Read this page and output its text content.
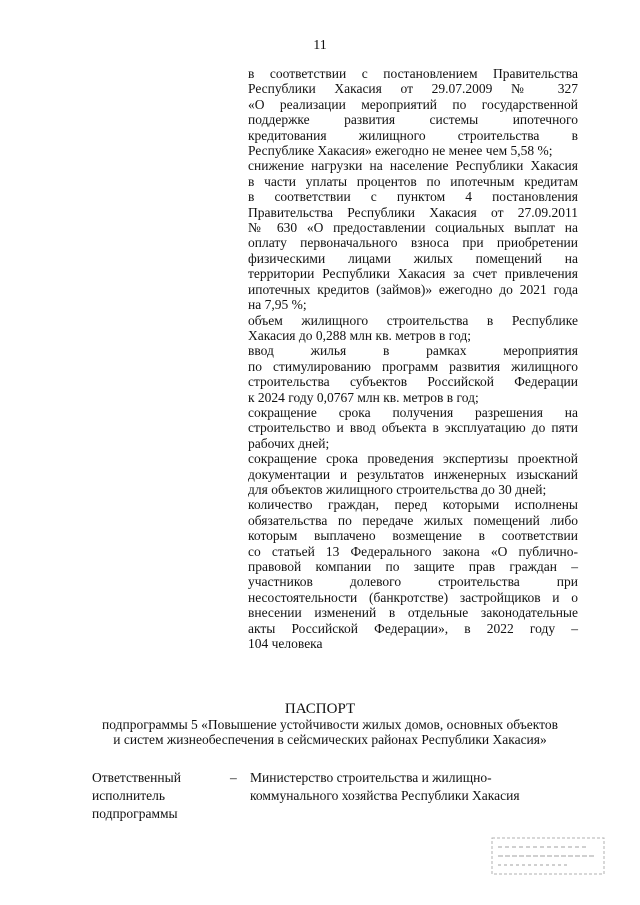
11
в соответствии с постановлением Правительства
Республики Хакасия от 29.07.2009 № 327
«О реализации мероприятий по государственной
поддержке развития системы ипотечного
кредитования жилищного строительства в
Республике Хакасия» ежегодно не менее чем 5,58 %;
снижение нагрузки на население Республики Хакасия
в части уплаты процентов по ипотечным кредитам
в соответствии с пунктом 4 постановления
Правительства Республики Хакасия от 27.09.2011
№ 630 «О предоставлении социальных выплат на
оплату первоначального взноса при приобретении
физическими лицами жилых помещений на
территории Республики Хакасия за счет привлечения
ипотечных кредитов (займов)» ежегодно до 2021 года
на 7,95 %;
объем жилищного строительства в Республике
Хакасия до 0,288 млн кв. метров в год;
ввод жилья в рамках мероприятия
по стимулированию программ развития жилищного
строительства субъектов Российской Федерации
к 2024 году 0,0767 млн кв. метров в год;
сокращение срока получения разрешения на
строительство и ввод объекта в эксплуатацию до пяти
рабочих дней;
сокращение срока проведения экспертизы проектной
документации и результатов инженерных изысканий
для объектов жилищного строительства до 30 дней;
количество граждан, перед которыми исполнены
обязательства по передаче жилых помещений либо
которым выплачено возмещение в соответствии
со статьей 13 Федерального закона «О публично-
правовой компании по защите прав граждан –
участников долевого строительства при
несостоятельности (банкротстве) застройщиков и о
внесении изменений в отдельные законодательные
акты Российской Федерации», в 2022 году –
104 человека
ПАСПОРТ
подпрограммы 5 «Повышение устойчивости жилых домов, основных объектов
и систем жизнеобеспечения в сейсмических районах Республики Хакасия»
Ответственный
исполнитель
подпрограммы
– Министерство строительства и жилищно-
коммунального хозяйства Республики Хакасия
